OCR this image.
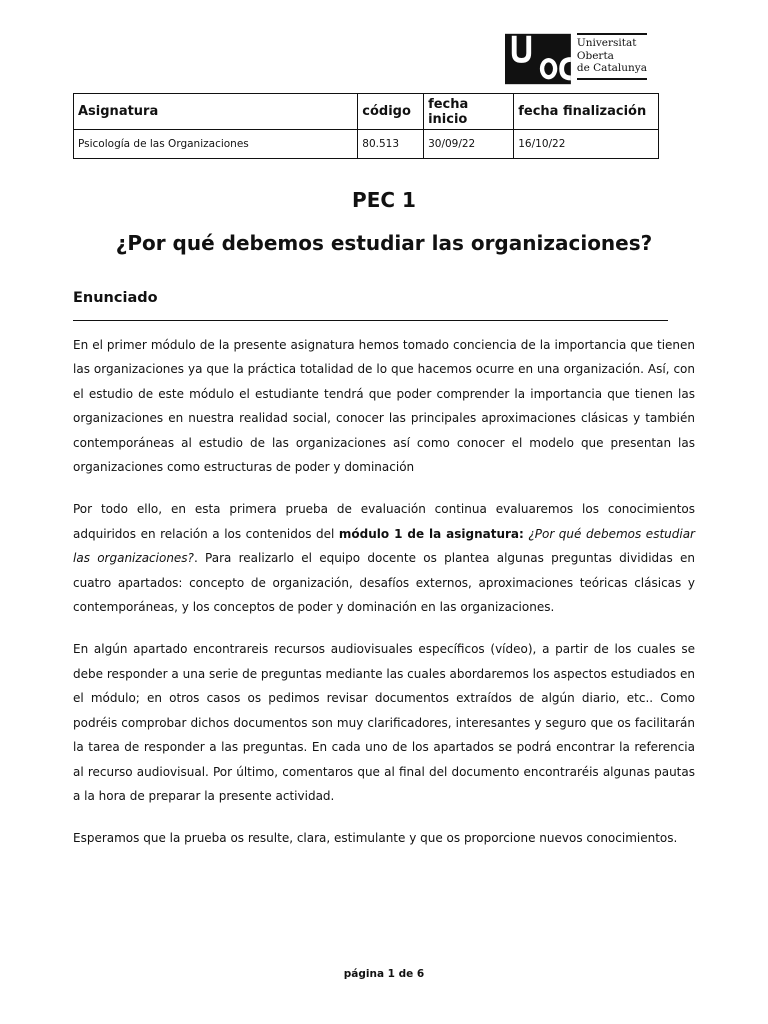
Universitat
Oberta
de Catalunya
Asignatura	código	fecha inicio	fecha finalización
Psicología de las Organizaciones	80.513	30/09/22	16/10/22
PEC 1
¿Por qué debemos estudiar las organizaciones?
Enunciado

En el primer módulo de la presente asignatura hemos tomado conciencia de la importancia que tienen las organizaciones ya que la práctica totalidad de lo que hacemos ocurre en una organización. Así, con el estudio de este módulo el estudiante tendrá que poder comprender la importancia que tienen las organizaciones en nuestra realidad social, conocer las principales aproximaciones clásicas y también contemporáneas al estudio de las organizaciones así como conocer el modelo que presentan las organizaciones como estructuras de poder y dominación

Por todo ello, en esta primera prueba de evaluación continua evaluaremos los conocimientos adquiridos en relación a los contenidos del módulo 1 de la asignatura: ¿Por qué debemos estudiar las organizaciones?. Para realizarlo el equipo docente os plantea algunas preguntas divididas en cuatro apartados: concepto de organización, desafíos externos, aproximaciones teóricas clásicas y contemporáneas, y los conceptos de poder y dominación en las organizaciones.

En algún apartado encontrareis recursos audiovisuales específicos (vídeo), a partir de los cuales se debe responder a una serie de preguntas mediante las cuales abordaremos los aspectos estudiados en el módulo; en otros casos os pedimos revisar documentos extraídos de algún diario, etc.. Como podréis comprobar dichos documentos son muy clarificadores, interesantes y seguro que os facilitarán la tarea de responder a las preguntas. En cada uno de los apartados se podrá encontrar la referencia al recurso audiovisual. Por último, comentaros que al final del documento encontraréis algunas pautas a la hora de preparar la presente actividad.

Esperamos que la prueba os resulte, clara, estimulante y que os proporcione nuevos conocimientos.

página 1 de 6
